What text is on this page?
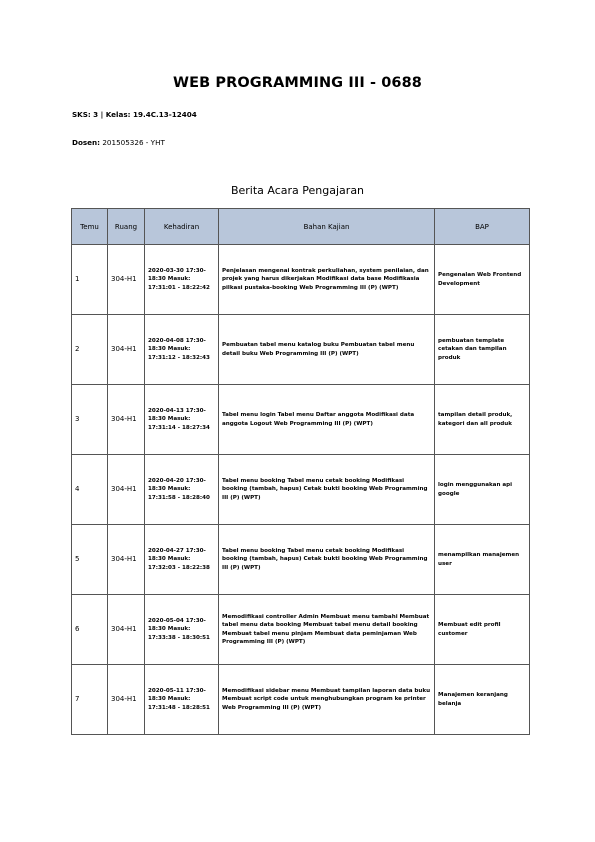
WEB PROGRAMMING III - 0688
SKS: 3 | Kelas: 19.4C.13-12404
Dosen: 201505326 - YHT
Berita Acara Pengajaran
Temu	Ruang	Kehadiran	Bahan Kajian	BAP
1	304-H1	2020-03-30 17:30-18:30 Masuk: 17:31:01 - 18:22:42	Penjelasan mengenai kontrak perkuliahan, system penilaian, dan projek yang harus dikerjakan Modifikasi data base Modifikasia pilkasi pustaka-booking Web Programming III (P) (WPT)	Pengenalan Web Frontend Development
2	304-H1	2020-04-08 17:30-18:30 Masuk: 17:31:12 - 18:32:43	Pembuatan tabel menu katalog buku Pembuatan tabel menu detail buku Web Programming III (P) (WPT)	pembuatan template cetakan dan tampilan produk
3	304-H1	2020-04-13 17:30-18:30 Masuk: 17:31:14 - 18:27:34	Tabel menu login Tabel menu Daftar anggota Modifikasi data anggota Logout Web Programming III (P) (WPT)	tampilan detail produk, kategori dan all produk
4	304-H1	2020-04-20 17:30-18:30 Masuk: 17:31:58 - 18:28:40	Tabel menu booking Tabel menu cetak booking Modifikasi booking (tambah, hapus) Cetak bukti booking Web Programming III (P) (WPT)	login menggunakan api google
5	304-H1	2020-04-27 17:30-18:30 Masuk: 17:32:03 - 18:22:38	Tabel menu booking Tabel menu cetak booking Modifikasi booking (tambah, hapus) Cetak bukti booking Web Programming III (P) (WPT)	menampilkan manajemen user
6	304-H1	2020-05-04 17:30-18:30 Masuk: 17:33:38 - 18:30:51	Memodifikasi controller Admin Membuat menu tambahi Membuat tabel menu data booking Membuat tabel menu detail booking Membuat tabel menu pinjam Membuat data peminjaman Web Programming III (P) (WPT)	Membuat edit profil customer
7	304-H1	2020-05-11 17:30-18:30 Masuk: 17:31:48 - 18:28:51	Memodifikasi sidebar menu Membuat tampilan laporan data buku Membuat script code untuk menghubungkan program ke printer Web Programming III (P) (WPT)	Manajemen keranjang belanja
